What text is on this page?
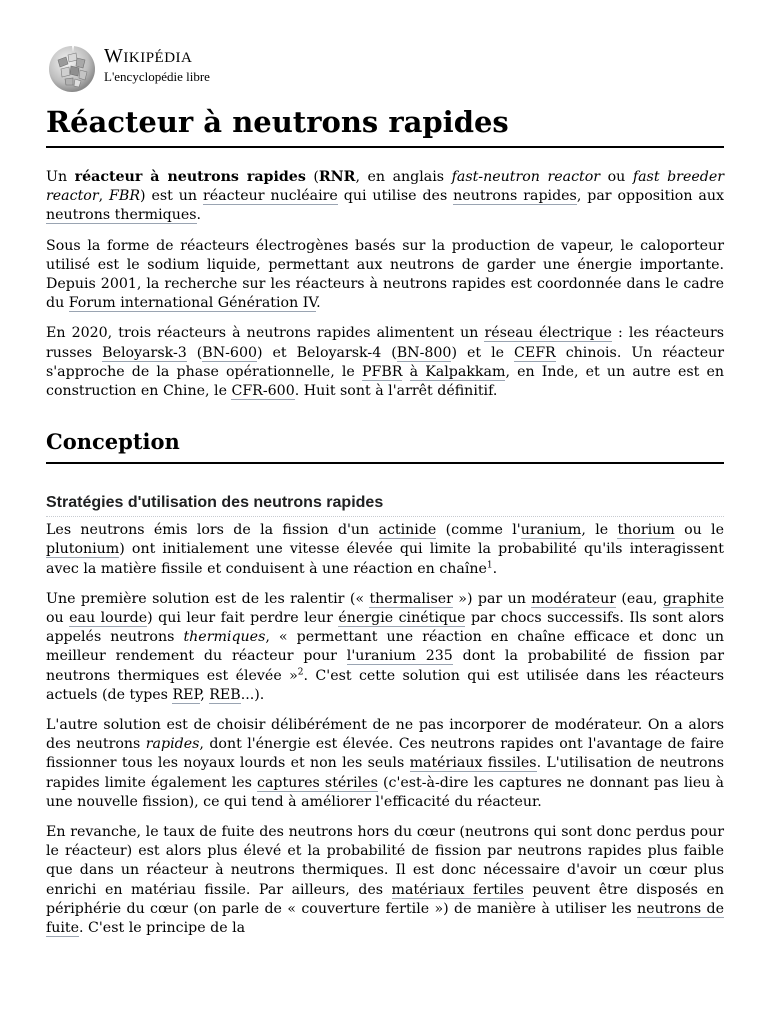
WIKIPÉDIA
L'encyclopédie libre
Réacteur à neutrons rapides

Un réacteur à neutrons rapides (RNR, en anglais fast-neutron reactor ou fast breeder reactor, FBR) est un réacteur nucléaire qui utilise des neutrons rapides, par opposition aux neutrons thermiques.

Sous la forme de réacteurs électrogènes basés sur la production de vapeur, le caloporteur utilisé est le sodium liquide, permettant aux neutrons de garder une énergie importante. Depuis 2001, la recherche sur les réacteurs à neutrons rapides est coordonnée dans le cadre du Forum international Génération IV.

En 2020, trois réacteurs à neutrons rapides alimentent un réseau électrique : les réacteurs russes Beloyarsk-3 (BN-600) et Beloyarsk-4 (BN-800) et le CEFR chinois. Un réacteur s'approche de la phase opérationnelle, le PFBR à Kalpakkam, en Inde, et un autre est en construction en Chine, le CFR-600. Huit sont à l'arrêt définitif.

Conception
Stratégies d'utilisation des neutrons rapides

Les neutrons émis lors de la fission d'un actinide (comme l'uranium, le thorium ou le plutonium) ont initialement une vitesse élevée qui limite la probabilité qu'ils interagissent avec la matière fissile et conduisent à une réaction en chaîne$^1$.

Une première solution est de les ralentir (« thermaliser ») par un modérateur (eau, graphite ou eau lourde) qui leur fait perdre leur énergie cinétique par chocs successifs. Ils sont alors appelés neutrons thermiques, « permettant une réaction en chaîne efficace et donc un meilleur rendement du réacteur pour l'uranium 235 dont la probabilité de fission par neutrons thermiques est élevée »$^2$. C'est cette solution qui est utilisée dans les réacteurs actuels (de types REP, REB...).

L'autre solution est de choisir délibérément de ne pas incorporer de modérateur. On a alors des neutrons rapides, dont l'énergie est élevée. Ces neutrons rapides ont l'avantage de faire fissionner tous les noyaux lourds et non les seuls matériaux fissiles. L'utilisation de neutrons rapides limite également les captures stériles (c'est-à-dire les captures ne donnant pas lieu à une nouvelle fission), ce qui tend à améliorer l'efficacité du réacteur.

En revanche, le taux de fuite des neutrons hors du cœur (neutrons qui sont donc perdus pour le réacteur) est alors plus élevé et la probabilité de fission par neutrons rapides plus faible que dans un réacteur à neutrons thermiques. Il est donc nécessaire d'avoir un cœur plus enrichi en matériau fissile. Par ailleurs, des matériaux fertiles peuvent être disposés en périphérie du cœur (on parle de « couverture fertile ») de manière à utiliser les neutrons de fuite. C'est le principe de la
